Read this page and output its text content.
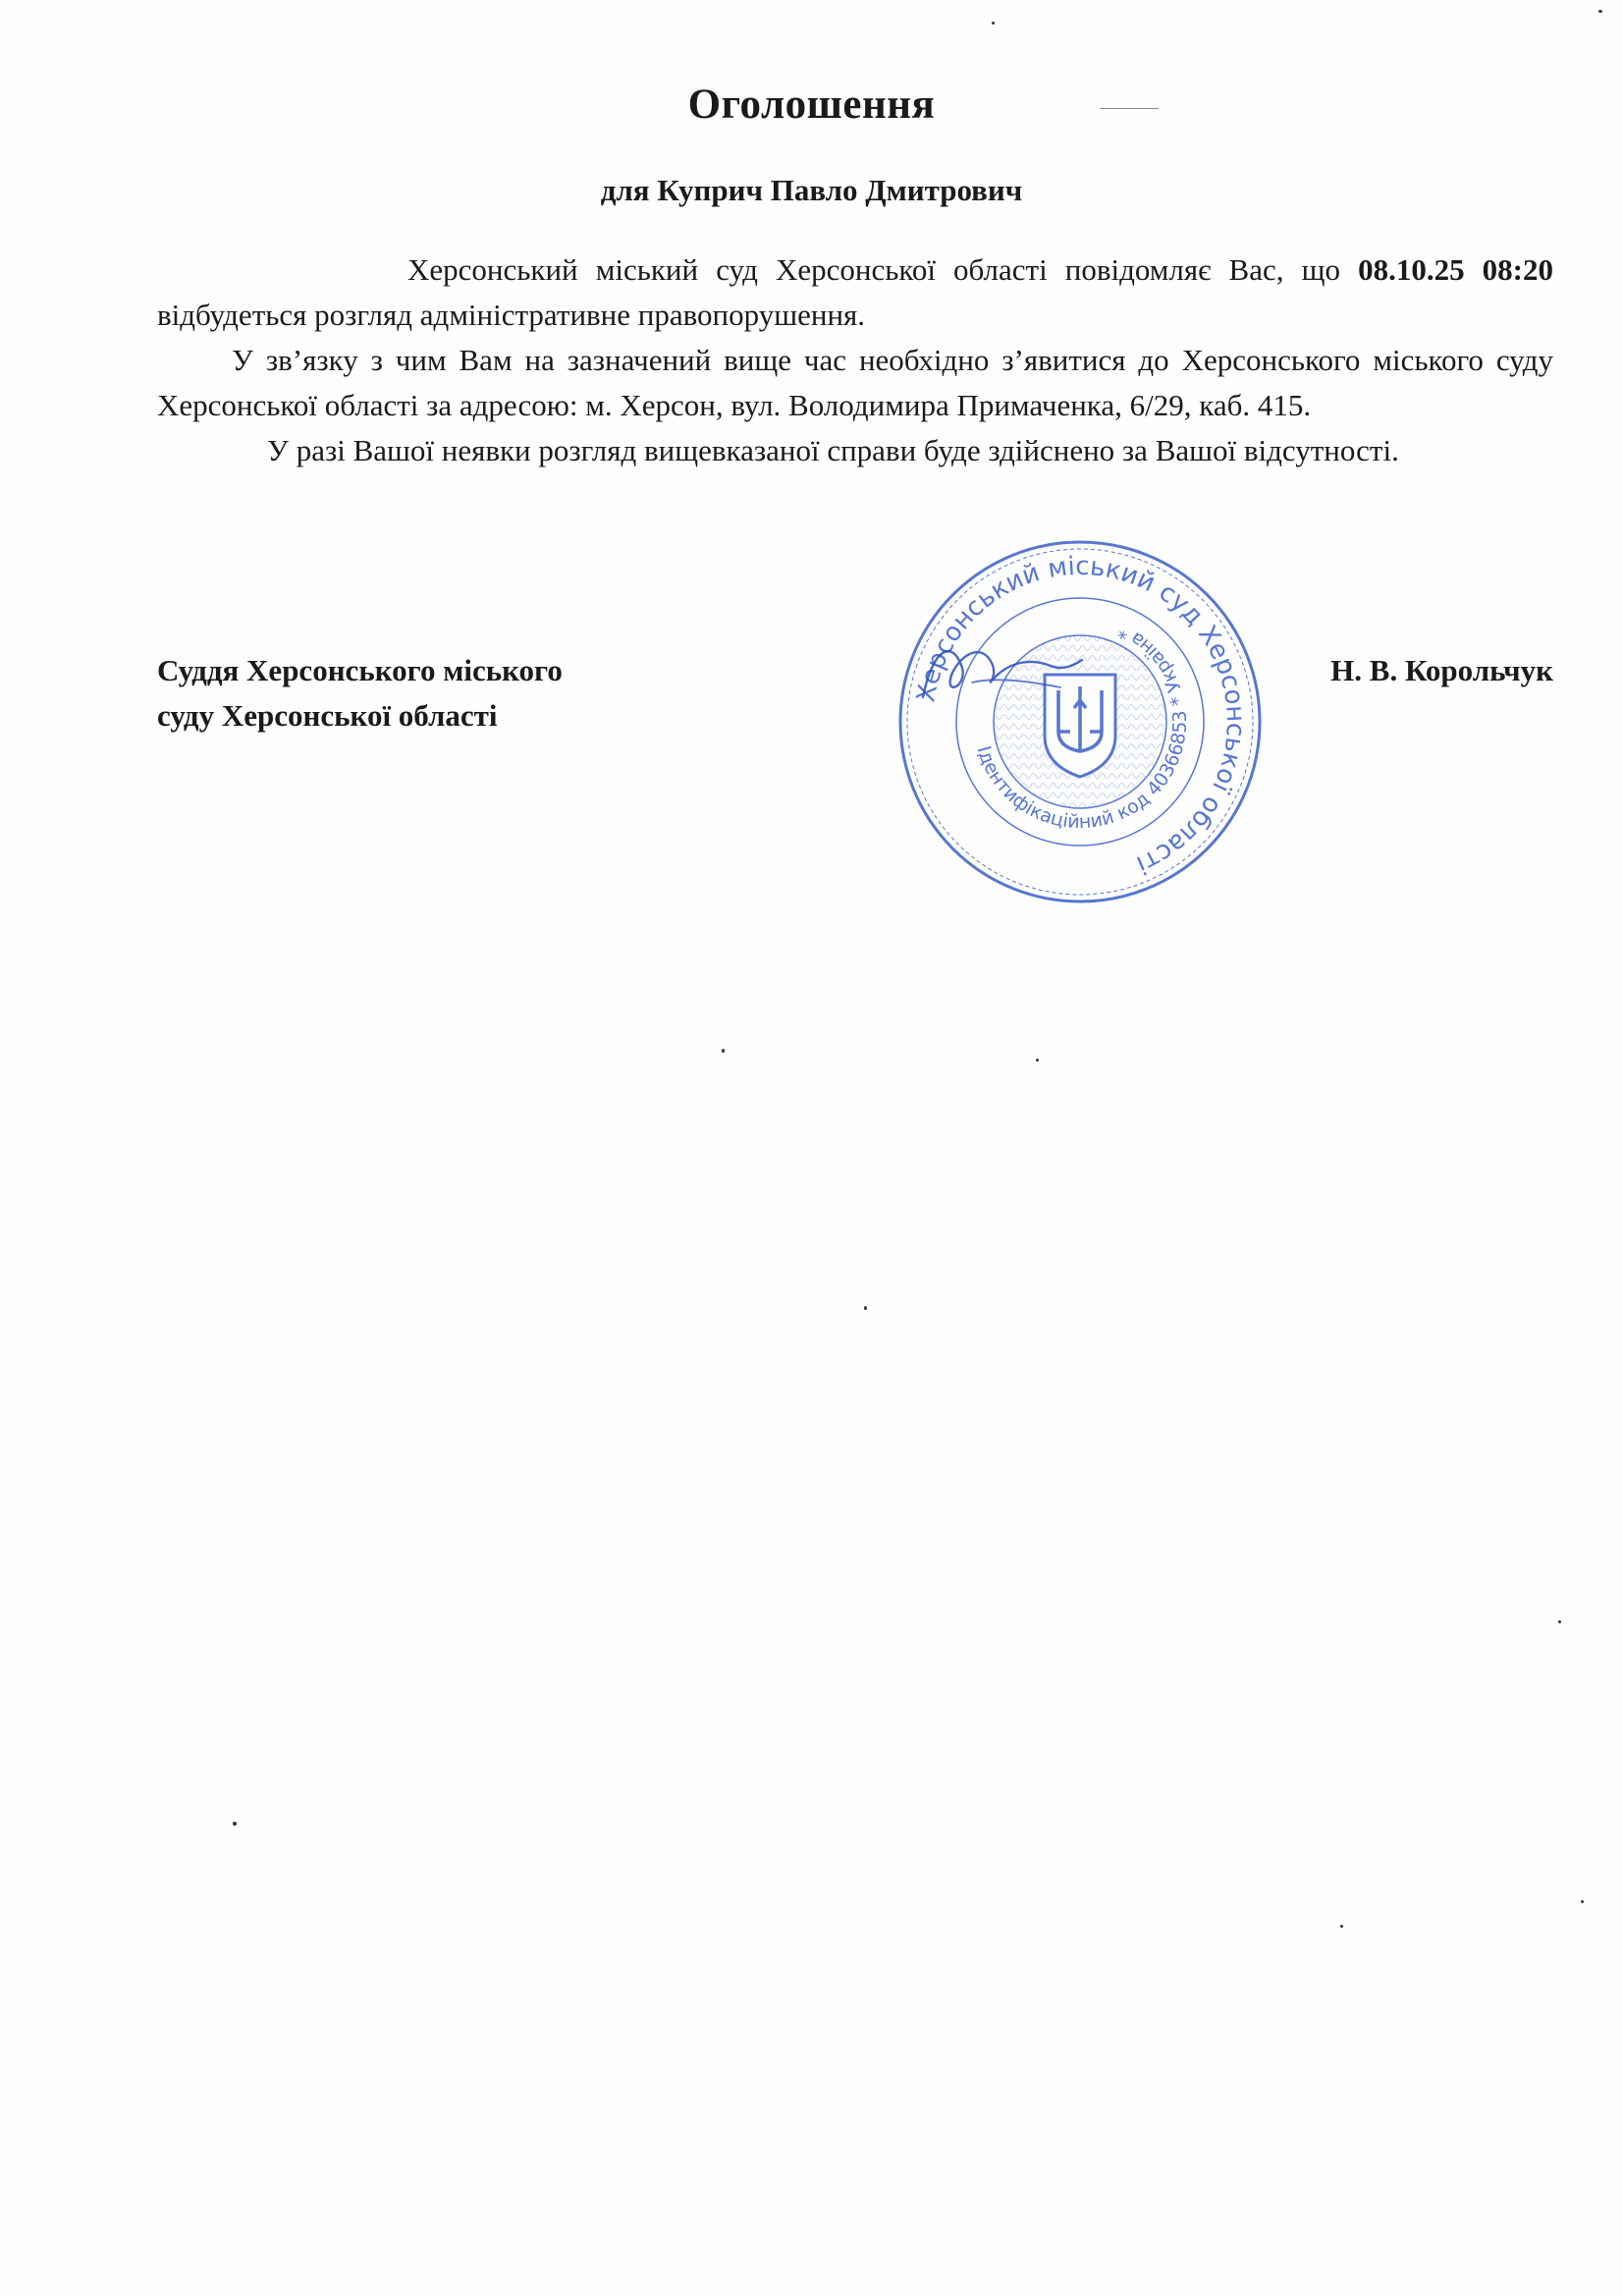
Оголошення
для Куприч Павло Дмитрович

Херсонський міський суд Херсонської області повідомляє Вас, що 08.10.25 08:20 відбудеться розгляд адміністративне правопорушення.

У зв’язку з чим Вам на зазначений вище час необхідно з’явитися до Херсонського міського суду Херсонської області за адресою: м. Херсон, вул. Володимира Примаченка, 6/29, каб. 415.

У разі Вашої неявки розгляд вищевказаної справи буде здійснено за Вашої відсутності.

Суддя Херсонського міського
суду Херсонської області
Херсонський міський суд Херсонської області
Ідентифікаційний код 40366853 * Україна *
Н. В. Корольчук
